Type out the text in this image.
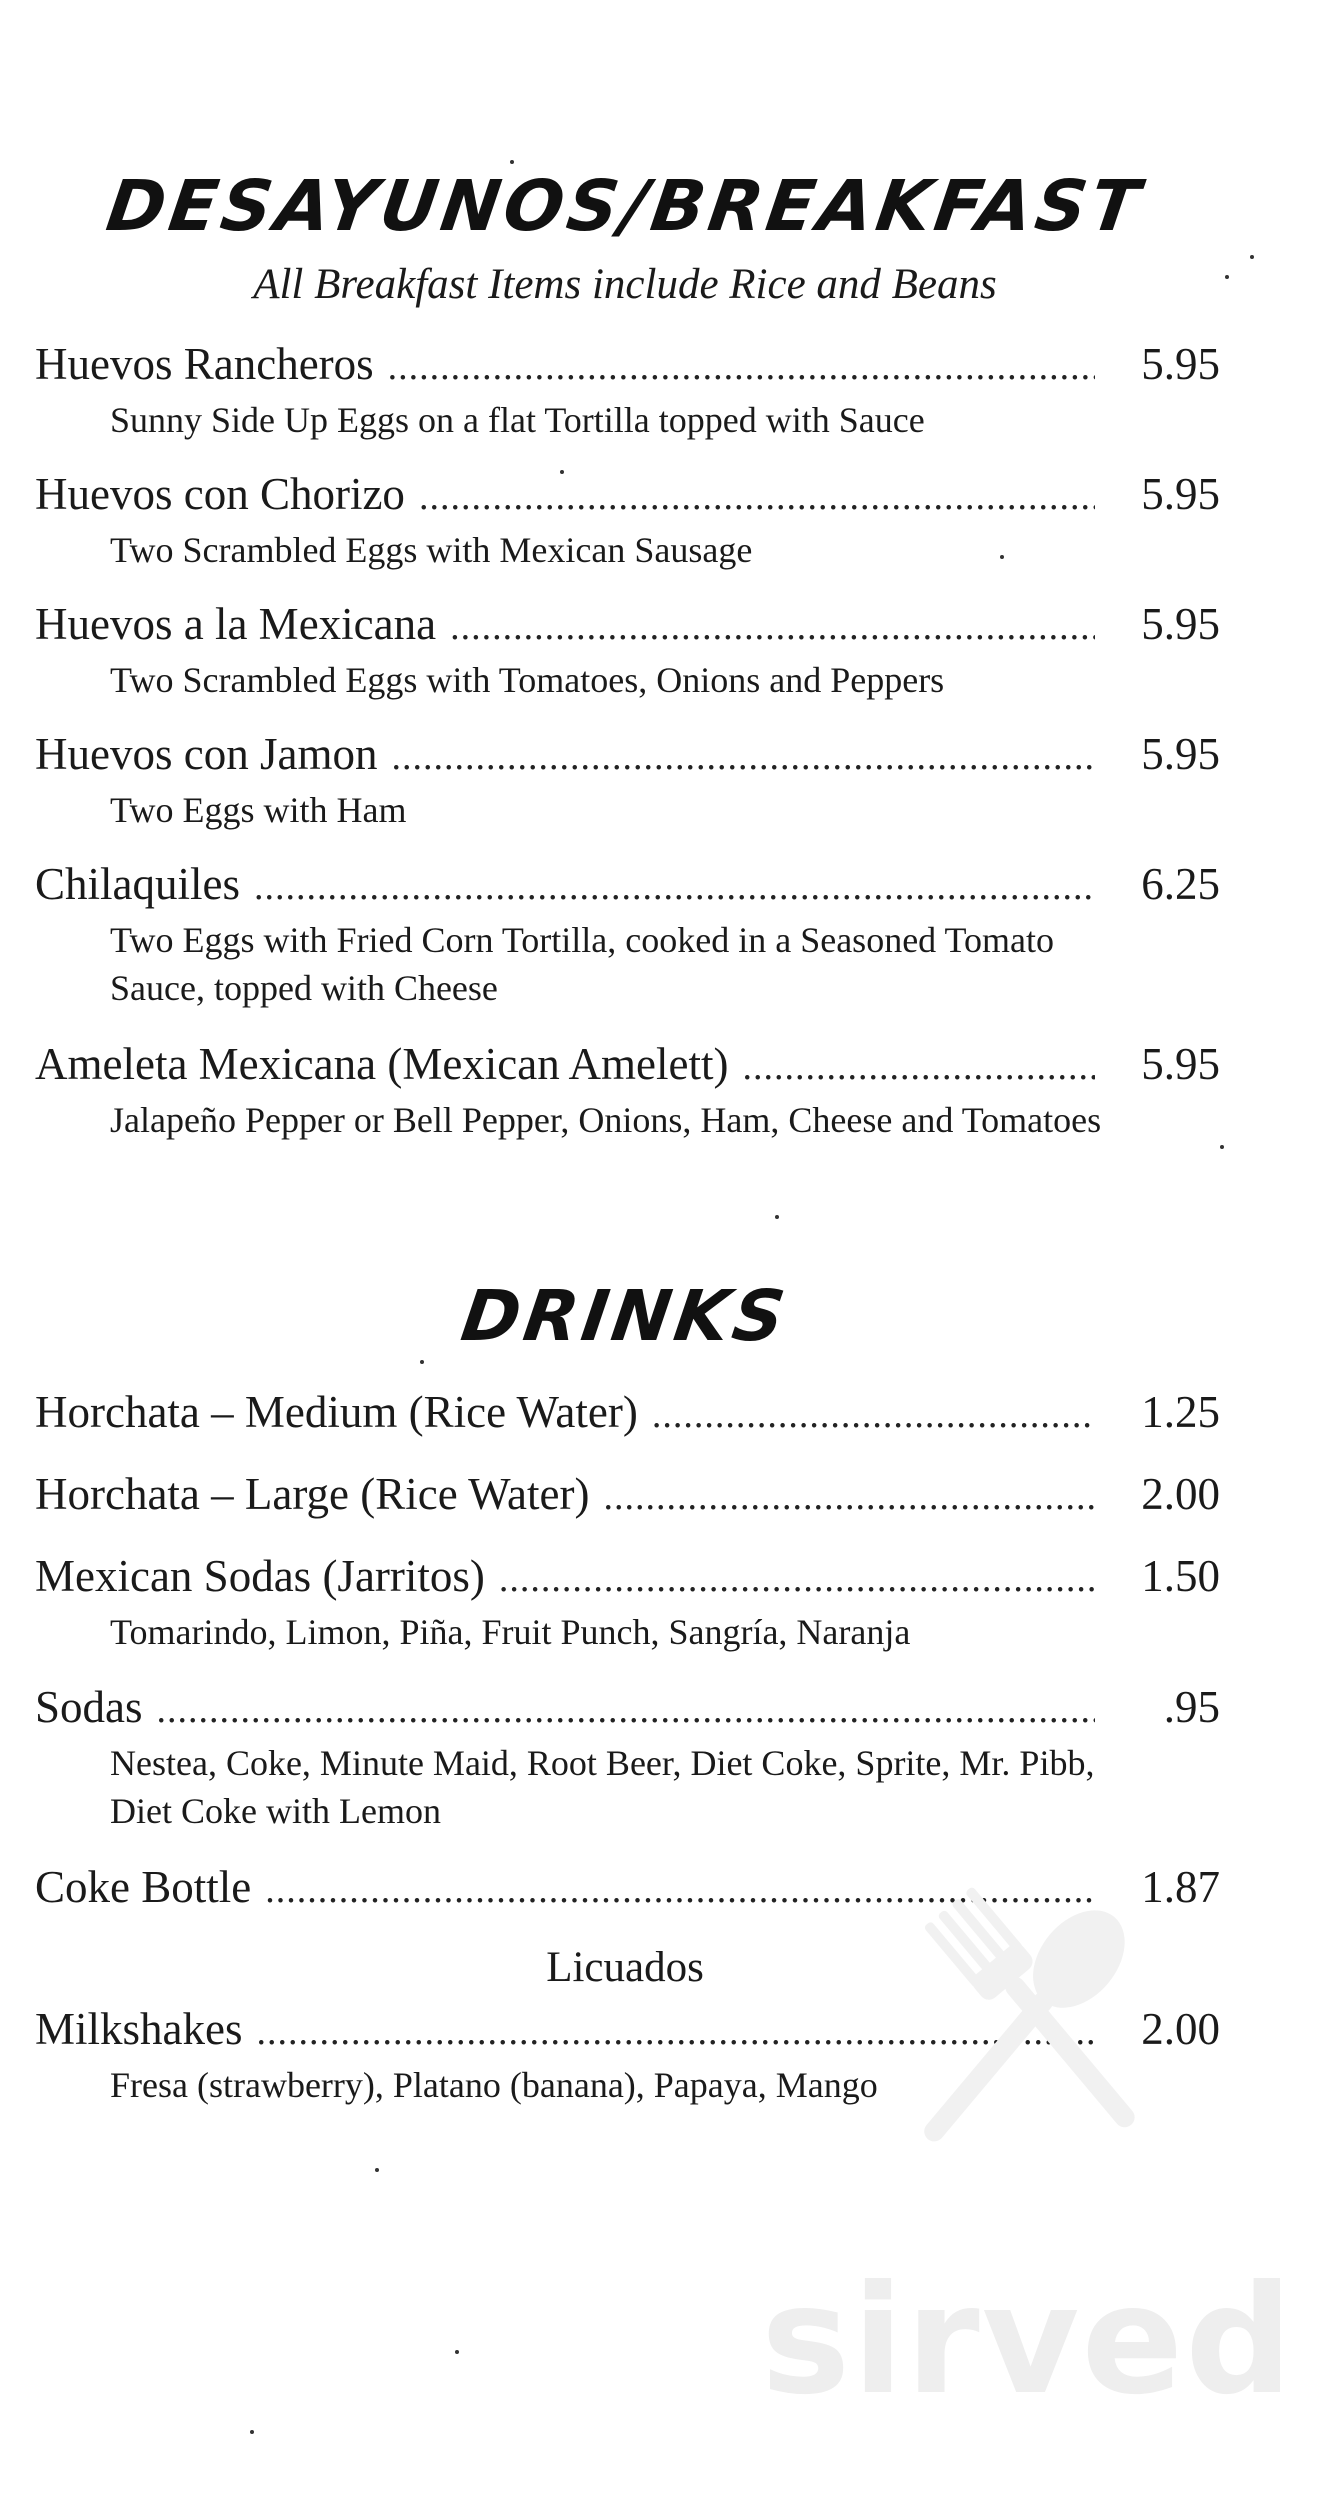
DESAYUNOS/BREAKFAST
All Breakfast Items include Rice and Beans
Huevos Rancheros .....	5.95
Sunny Side Up Eggs on a flat Tortilla topped with Sauce
Huevos con Chorizo .....	5.95
Two Scrambled Eggs with Mexican Sausage
Huevos a la Mexicana .....	5.95
Two Scrambled Eggs with Tomatoes, Onions and Peppers
Huevos con Jamon .....	5.95
Two Eggs with Ham
Chilaquiles .....	6.25
Two Eggs with Fried Corn Tortilla, cooked in a Seasoned Tomato Sauce, topped with Cheese
Ameleta Mexicana (Mexican Amelett) .....	5.95
Jalapeño Pepper or Bell Pepper, Onions, Ham, Cheese and Tomatoes
DRINKS
Horchata – Medium (Rice Water) .....	1.25
Horchata – Large (Rice Water) .....	2.00
Mexican Sodas (Jarritos) .....	1.50
Tomarindo, Limon, Piña, Fruit Punch, Sangría, Naranja
Sodas .....	.95
Nestea, Coke, Minute Maid, Root Beer, Diet Coke, Sprite, Mr. Pibb, Diet Coke with Lemon
Coke Bottle .....	1.87
Licuados
Milkshakes .....	2.00
Fresa (strawberry), Platano (banana), Papaya, Mango
sirved
